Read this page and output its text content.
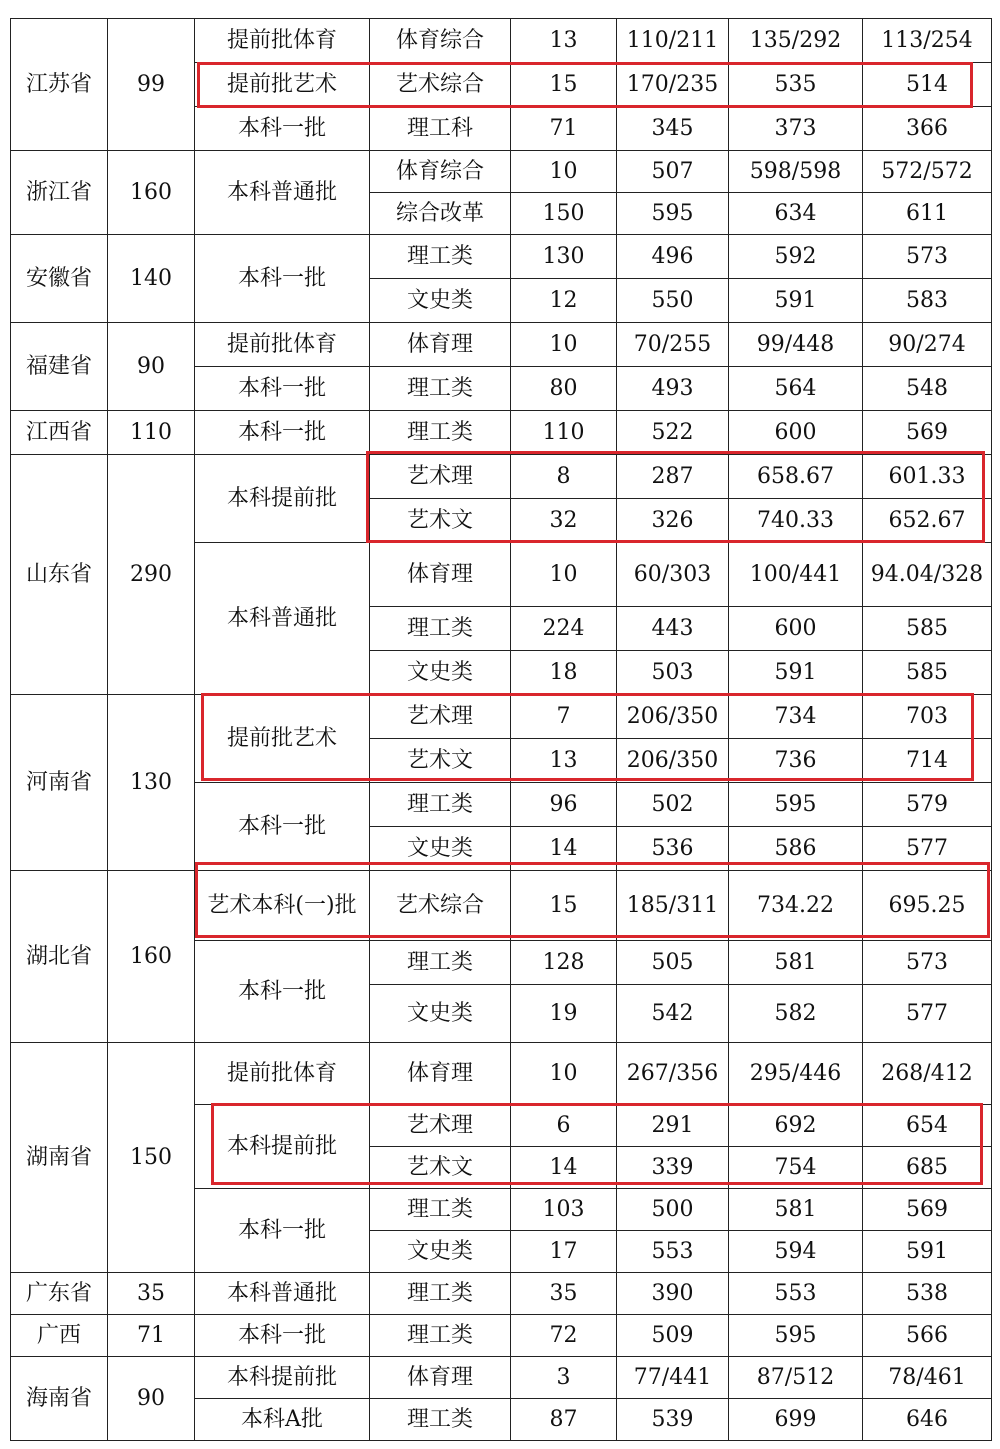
江苏省	99	提前批体育	体育综合	13	110/211	135/292	113/254
		提前批艺术	艺术综合	15	170/235	535	514
		本科一批	理工科	71	345	373	366
浙江省	160	本科普通批	体育综合	10	507	598/598	572/572
			综合改革	150	595	634	611
安徽省	140	本科一批	理工类	130	496	592	573
			文史类	12	550	591	583
福建省	90	提前批体育	体育理	10	70/255	99/448	90/274
		本科一批	理工类	80	493	564	548
江西省	110	本科一批	理工类	110	522	600	569
山东省	290	本科提前批	艺术理	8	287	658.67	601.33
			艺术文	32	326	740.33	652.67
		本科普通批	体育理	10	60/303	100/441	94.04/328
			理工类	224	443	600	585
			文史类	18	503	591	585
河南省	130	提前批艺术	艺术理	7	206/350	734	703
			艺术文	13	206/350	736	714
		本科一批	理工类	96	502	595	579
			文史类	14	536	586	577
湖北省	160	艺术本科(一)批	艺术综合	15	185/311	734.22	695.25
		本科一批	理工类	128	505	581	573
			文史类	19	542	582	577
湖南省	150	提前批体育	体育理	10	267/356	295/446	268/412
		本科提前批	艺术理	6	291	692	654
			艺术文	14	339	754	685
		本科一批	理工类	103	500	581	569
			文史类	17	553	594	591
广东省	35	本科普通批	理工类	35	390	553	538
广西	71	本科一批	理工类	72	509	595	566
海南省	90	本科提前批	体育理	3	77/441	87/512	78/461
		本科A批	理工类	87	539	699	646
